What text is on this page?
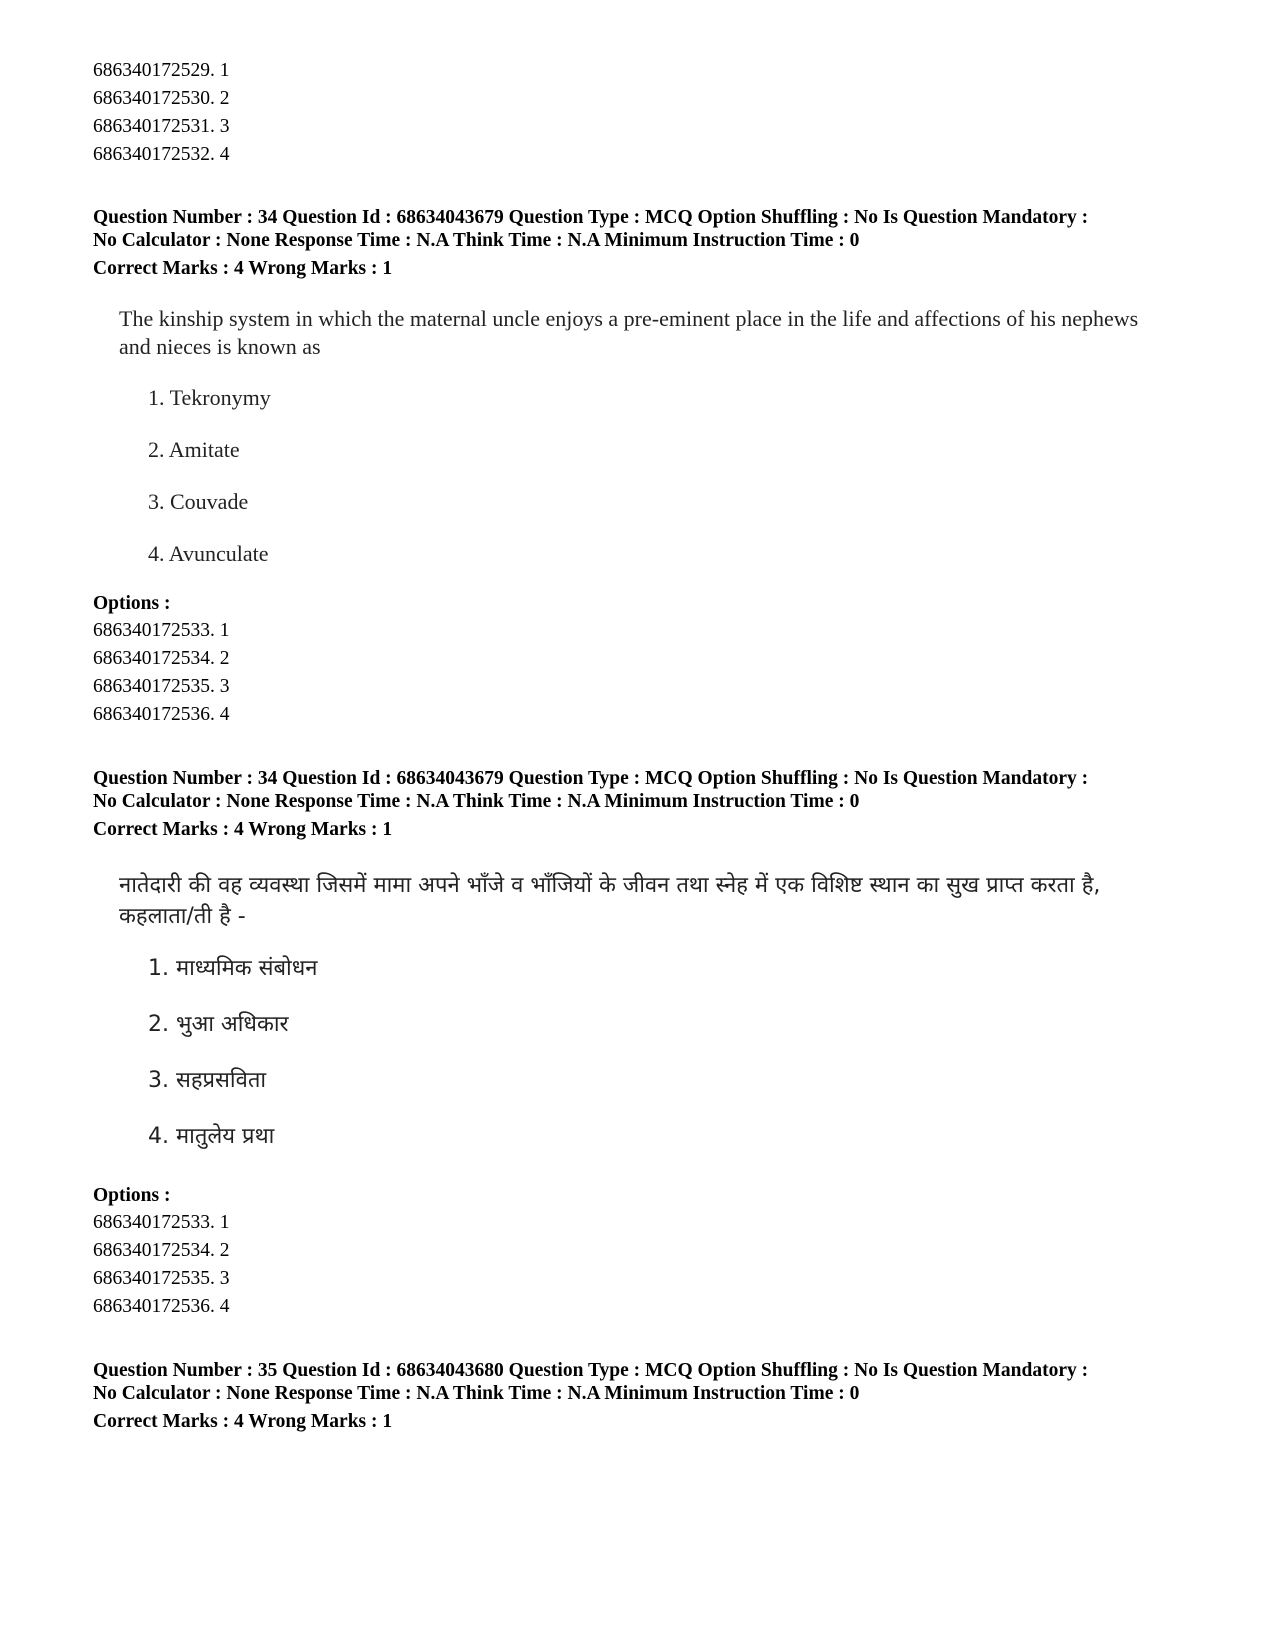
686340172529. 1
686340172530. 2
686340172531. 3
686340172532. 4
Question Number : 34 Question Id : 68634043679 Question Type : MCQ Option Shuffling : No Is Question Mandatory :
No Calculator : None Response Time : N.A Think Time : N.A Minimum Instruction Time : 0
Correct Marks : 4 Wrong Marks : 1
The kinship system in which the maternal uncle enjoys a pre-eminent place in the life and affections of his nephews and nieces is known as
1. Tekronymy
2. Amitate
3. Couvade
4. Avunculate
Options :
686340172533. 1
686340172534. 2
686340172535. 3
686340172536. 4
Question Number : 34 Question Id : 68634043679 Question Type : MCQ Option Shuffling : No Is Question Mandatory :
No Calculator : None Response Time : N.A Think Time : N.A Minimum Instruction Time : 0
Correct Marks : 4 Wrong Marks : 1
नातेदारी की वह व्यवस्था जिसमें मामा अपने भाँजे व भाँजियों के जीवन तथा स्नेह में एक विशिष्ट स्थान का सुख प्राप्त करता है, कहलाता/ती है -
1. माध्यमिक संबोधन
2. भुआ अधिकार
3. सहप्रसविता
4. मातुलेय प्रथा
Options :
686340172533. 1
686340172534. 2
686340172535. 3
686340172536. 4
Question Number : 35 Question Id : 68634043680 Question Type : MCQ Option Shuffling : No Is Question Mandatory :
No Calculator : None Response Time : N.A Think Time : N.A Minimum Instruction Time : 0
Correct Marks : 4 Wrong Marks : 1
